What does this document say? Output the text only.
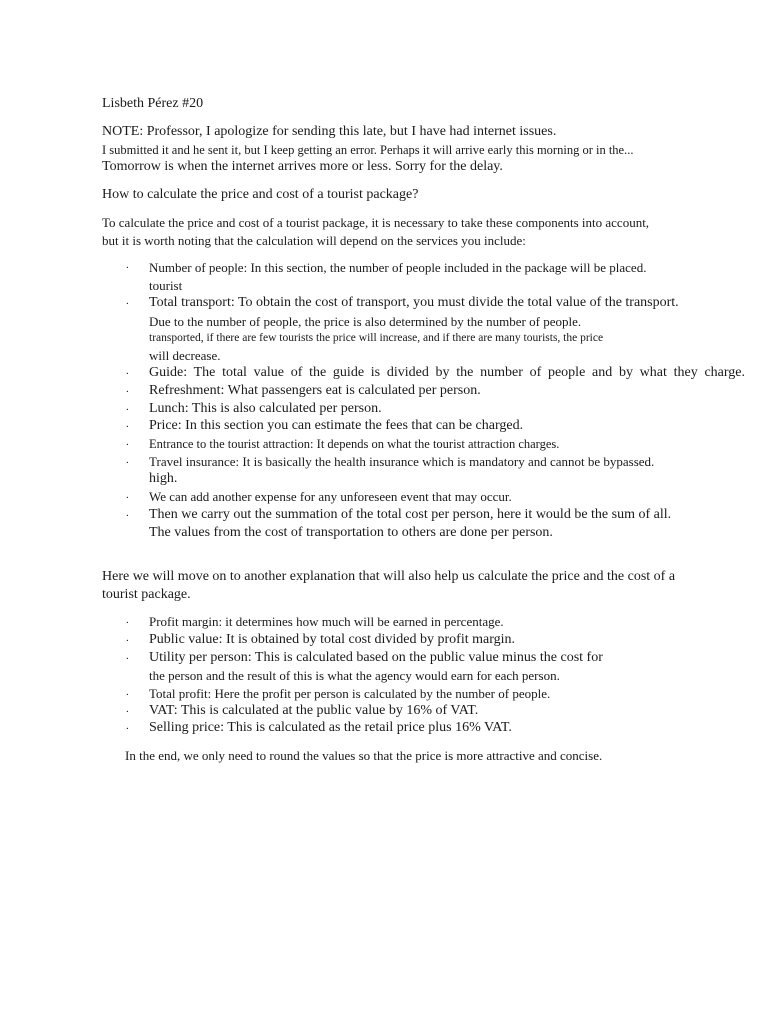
Lisbeth Pérez #20
NOTE: Professor, I apologize for sending this late, but I have had internet issues.
I submitted it and he sent it, but I keep getting an error. Perhaps it will arrive early this morning or in the...
Tomorrow is when the internet arrives more or less. Sorry for the delay.
How to calculate the price and cost of a tourist package?
To calculate the price and cost of a tourist package, it is necessary to take these components into account,
but it is worth noting that the calculation will depend on the services you include:
. Number of people: In this section, the number of people included in the package will be placed.
tourist
. Total transport: To obtain the cost of transport, you must divide the total value of the transport.
Due to the number of people, the price is also determined by the number of people.
transported, if there are few tourists the price will increase, and if there are many tourists, the price
will decrease.
. Guide: The total value of the guide is divided by the number of people and by what they charge.
. Refreshment: What passengers eat is calculated per person.
. Lunch: This is also calculated per person.
. Price: In this section you can estimate the fees that can be charged.
. Entrance to the tourist attraction: It depends on what the tourist attraction charges.
. Travel insurance: It is basically the health insurance which is mandatory and cannot be bypassed.
high.
. We can add another expense for any unforeseen event that may occur.
. Then we carry out the summation of the total cost per person, here it would be the sum of all.
The values from the cost of transportation to others are done per person.
Here we will move on to another explanation that will also help us calculate the price and the cost of a
tourist package.
. Profit margin: it determines how much will be earned in percentage.
. Public value: It is obtained by total cost divided by profit margin.
. Utility per person: This is calculated based on the public value minus the cost for
the person and the result of this is what the agency would earn for each person.
. Total profit: Here the profit per person is calculated by the number of people.
. VAT: This is calculated at the public value by 16% of VAT.
. Selling price: This is calculated as the retail price plus 16% VAT.
In the end, we only need to round the values so that the price is more attractive and concise.
